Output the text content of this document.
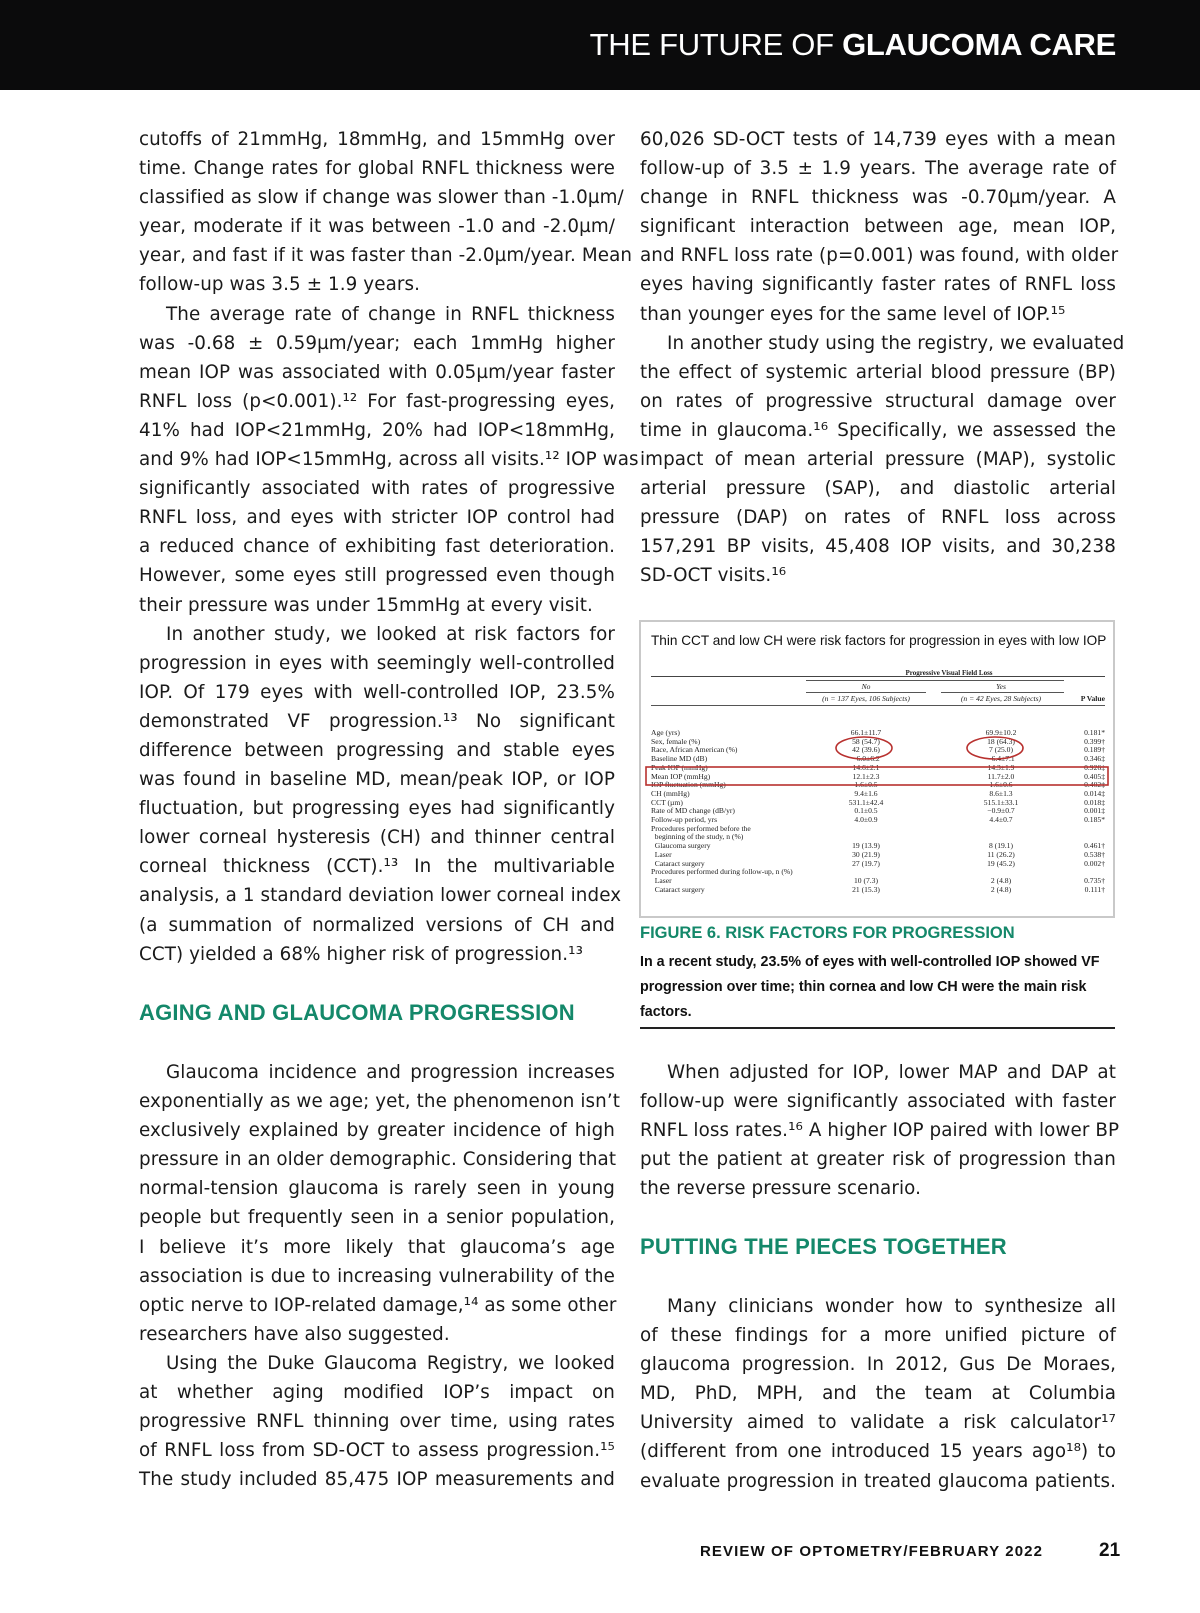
THE FUTURE OF GLAUCOMA CARE
cutoffs of 21mmHg, 18mmHg, and 15mmHg over
time. Change rates for global RNFL thickness were
classified as slow if change was slower than -1.0µm/
year, moderate if it was between -1.0 and -2.0µm/
year, and fast if it was faster than -2.0µm/year. Mean
follow-up was 3.5 ± 1.9 years.
The average rate of change in RNFL thickness
was -0.68 ± 0.59µm/year; each 1mmHg higher
mean IOP was associated with 0.05µm/year faster
RNFL loss (p<0.001).¹² For fast-progressing eyes,
41% had IOP<21mmHg, 20% had IOP<18mmHg,
and 9% had IOP<15mmHg, across all visits.¹² IOP was
significantly associated with rates of progressive
RNFL loss, and eyes with stricter IOP control had
a reduced chance of exhibiting fast deterioration.
However, some eyes still progressed even though
their pressure was under 15mmHg at every visit.
In another study, we looked at risk factors for
progression in eyes with seemingly well-controlled
IOP. Of 179 eyes with well-controlled IOP, 23.5%
demonstrated VF progression.¹³ No significant
difference between progressing and stable eyes
was found in baseline MD, mean/peak IOP, or IOP
fluctuation, but progressing eyes had significantly
lower corneal hysteresis (CH) and thinner central
corneal thickness (CCT).¹³ In the multivariable
analysis, a 1 standard deviation lower corneal index
(a summation of normalized versions of CH and
CCT) yielded a 68% higher risk of progression.¹³
AGING AND GLAUCOMA PROGRESSION
Glaucoma incidence and progression increases
exponentially as we age; yet, the phenomenon isn’t
exclusively explained by greater incidence of high
pressure in an older demographic. Considering that
normal-tension glaucoma is rarely seen in young
people but frequently seen in a senior population,
I believe it’s more likely that glaucoma’s age
association is due to increasing vulnerability of the
optic nerve to IOP-related damage,¹⁴ as some other
researchers have also suggested.
Using the Duke Glaucoma Registry, we looked
at whether aging modified IOP’s impact on
progressive RNFL thinning over time, using rates
of RNFL loss from SD-OCT to assess progression.¹⁵
The study included 85,475 IOP measurements and
60,026 SD-OCT tests of 14,739 eyes with a mean
follow-up of 3.5 ± 1.9 years. The average rate of
change in RNFL thickness was -0.70µm/year. A
significant interaction between age, mean IOP,
and RNFL loss rate (p=0.001) was found, with older
eyes having significantly faster rates of RNFL loss
than younger eyes for the same level of IOP.¹⁵
In another study using the registry, we evaluated
the effect of systemic arterial blood pressure (BP)
on rates of progressive structural damage over
time in glaucoma.¹⁶ Specifically, we assessed the
impact of mean arterial pressure (MAP), systolic
arterial pressure (SAP), and diastolic arterial
pressure (DAP) on rates of RNFL loss across
157,291 BP visits, 45,408 IOP visits, and 30,238
SD-OCT visits.¹⁶
Thin CCT and low CH were risk factors for progression in eyes with low IOP
Progressive Visual Field Loss
No	Yes
(n = 137 Eyes, 106 Subjects)	(n = 42 Eyes, 28 Subjects)	P Value
Age (yrs)	66.1±11.7	69.9±10.2	0.181*
Sex, female (%)	58 (54.7)	18 (64.3)	0.399†
Race, African American (%)	42 (39.6)	7 (25.0)	0.189†
Baseline MD (dB)	−6.0±6.2	−6.4±7.1	0.346‡
Peak IOP (mmHg)	14.6±2.1	14.3±1.9	0.926‡
Mean IOP (mmHg)	12.1±2.3	11.7±2.0	0.405‡
IOP fluctuation (mmHg)	1.6±0.5	1.6±0.6	0.402‡
CH (mmHg)	9.4±1.6	8.6±1.3	0.014‡
CCT (µm)	531.1±42.4	515.1±33.1	0.018‡
Rate of MD change (dB/yr)	0.1±0.5	−0.9±0.7	0.001‡
Follow-up period, yrs	4.0±0.9	4.4±0.7	0.185*
Procedures performed before the
beginning of the study, n (%)
Glaucoma surgery	19 (13.9)	8 (19.1)	0.461†
Laser	30 (21.9)	11 (26.2)	0.538†
Cataract surgery	27 (19.7)	19 (45.2)	0.002†
Procedures performed during follow-up, n (%)
Laser	10 (7.3)	2 (4.8)	0.735†
Cataract surgery	21 (15.3)	2 (4.8)	0.111†
FIGURE 6. RISK FACTORS FOR PROGRESSION
In a recent study, 23.5% of eyes with well-controlled IOP showed VF progression over time; thin cornea and low CH were the main risk factors.
When adjusted for IOP, lower MAP and DAP at
follow-up were significantly associated with faster
RNFL loss rates.¹⁶ A higher IOP paired with lower BP
put the patient at greater risk of progression than
the reverse pressure scenario.
PUTTING THE PIECES TOGETHER
Many clinicians wonder how to synthesize all
of these findings for a more unified picture of
glaucoma progression. In 2012, Gus De Moraes,
MD, PhD, MPH, and the team at Columbia
University aimed to validate a risk calculator¹⁷
(different from one introduced 15 years ago¹⁸) to
evaluate progression in treated glaucoma patients.
REVIEW OF OPTOMETRY/FEBRUARY 2022	21
